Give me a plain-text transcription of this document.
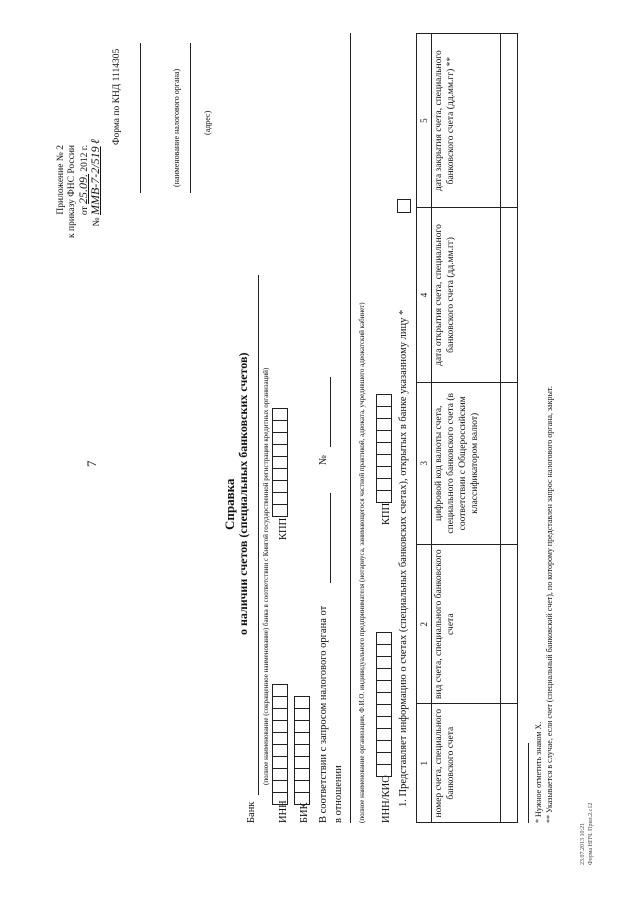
7
Приложение № 2 к приказу ФНС России от 25.09. 2012 г.
№ ММВ-7-2/519 ℓ Форма по КНД 1114305	(наименование налогового органа)	(адрес)
Справка о наличии счетов (специальных банковских счетов)
Банк
(полное наименование (сокращенное наименование) банка в соответствии с Книгой государственной регистрации кредитных организаций)
ИНН
КПП
БИК В соответствии с запросом налогового органа от
№
в отношении (полное наименование организации, Ф.И.О. индивидуального предпринимателя (нотариуса, занимающегося частной практикой, адвоката, учредившего адвокатский кабинет) ИНН/КИО
КПП 1. Представляет информацию о счетах (специальных банковских счетах), открытых в банке указанному лицу * 1	2	3	4	5
номер счета, специального банковского счета	вид счета, специального банковского счета	цифровой код валюты счета, специального банковского счета (в соответствии с Общероссийским классификатором валют)	дата открытия счета, специального банковского счета (дд.мм.гг)	дата закрытия счета, специального банковского счета (дд.мм.гг) **

* Нужное отметить знаком Х. ** Указывается в случае, если счет (специальный банковский счет), по которому представлен запрос налогового органа, закрыт.
23.07.2013 10:21 Форма НПЧ. Прил.2.с12
